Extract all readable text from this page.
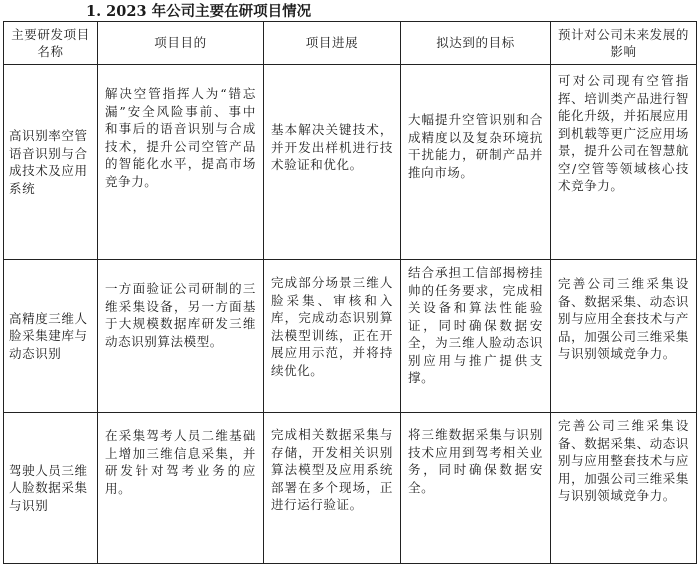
1. 2023 年公司主要在研项目情况
主要研发项目名称	项目目的	项目进展	拟达到的目标	预计对公司未来发展的影响

高识别率空管语音识别与合成技术及应用系统	解决空管指挥人为“错忘漏”安全风险事前、事中和事后的语音识别与合成技术，提升公司空管产品的智能化水平，提高市场竞争力。	基本解决关键技术，并开发出样机进行技术验证和优化。	大幅提升空管识别和合成精度以及复杂环境抗干扰能力，研制产品并推向市场。	可对公司现有空管指挥、培训类产品进行智能化升级，并拓展应用到机载等更广泛应用场景，提升公司在智慧航空/空管等领域核心技术竞争力。

高精度三维人脸采集建库与动态识别	一方面验证公司研制的三维采集设备，另一方面基于大规模数据库研发三维动态识别算法模型。	完成部分场景三维人脸采集、审核和入库，完成动态识别算法模型训练，正在开展应用示范，并将持续优化。	结合承担工信部揭榜挂帅的任务要求，完成相关设备和算法性能验证，同时确保数据安全，为三维人脸动态识别应用与推广提供支撑。	完善公司三维采集设备、数据采集、动态识别与应用全套技术与产品，加强公司三维采集与识别领域竞争力。

驾驶人员三维人脸数据采集与识别	在采集驾考人员二维基础上增加三维信息采集，并研发针对驾考业务的应用。	完成相关数据采集与存储，开发相关识别算法模型及应用系统部署在多个现场，正进行运行验证。	将三维数据采集与识别技术应用到驾考相关业务，同时确保数据安全。	完善公司三维采集设备、数据采集、动态识别与应用整套技术与应用，加强公司三维采集与识别领域竞争力。
